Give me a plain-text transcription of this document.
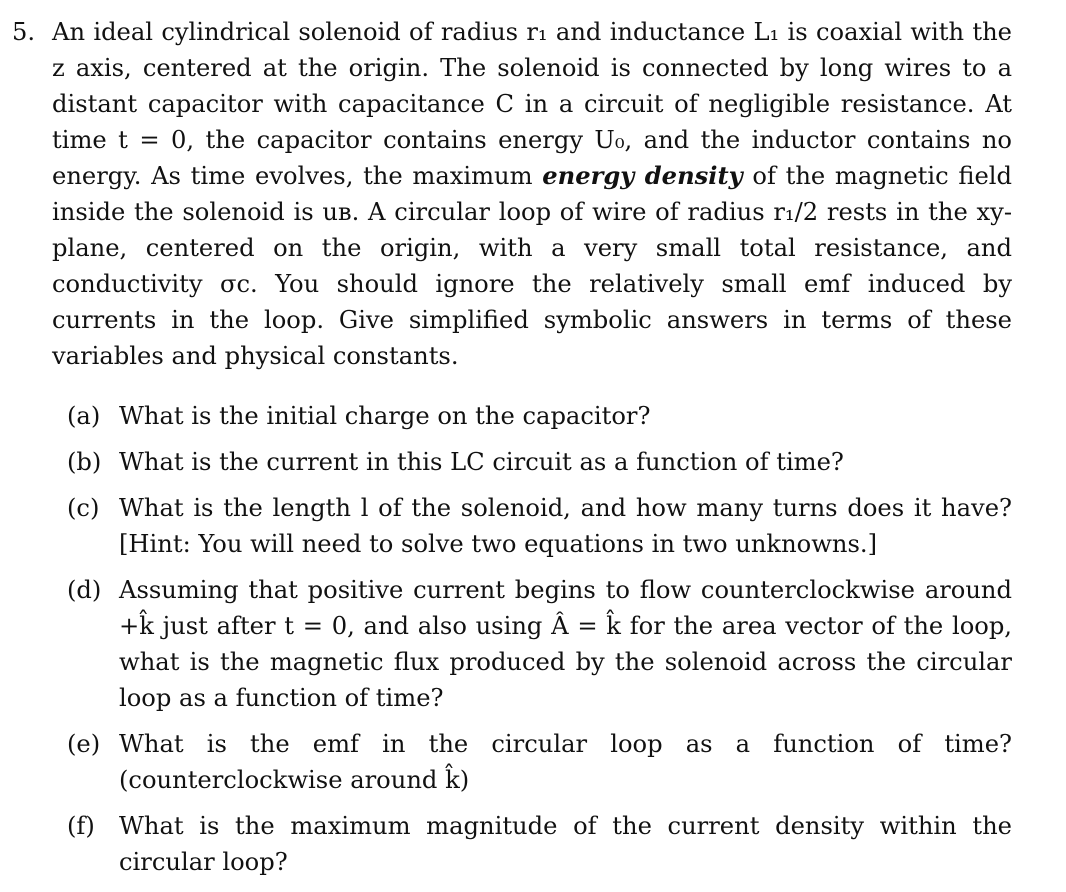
5. An ideal cylindrical solenoid of radius r₁ and inductance L₁ is coaxial with the z axis, centered at the origin. The solenoid is connected by long wires to a distant capacitor with capacitance C in a circuit of negligible resistance. At time t = 0, the capacitor contains energy U₀, and the inductor contains no energy. As time evolves, the maximum energy density of the magnetic field inside the solenoid is uʙ. A circular loop of wire of radius r₁/2 rests in the xy-plane, centered on the origin, with a very small total resistance, and conductivity σc. You should ignore the relatively small emf induced by currents in the loop. Give simplified symbolic answers in terms of these variables and physical constants.
(a) What is the initial charge on the capacitor?
(b) What is the current in this LC circuit as a function of time?
(c) What is the length l of the solenoid, and how many turns does it have? [Hint: You will need to solve two equations in two unknowns.]
(d) Assuming that positive current begins to flow counterclockwise around +k̂ just after t = 0, and also using Â = k̂ for the area vector of the loop, what is the magnetic flux produced by the solenoid across the circular loop as a function of time?
(e) What is the emf in the circular loop as a function of time? (counterclockwise around k̂)
(f) What is the maximum magnitude of the current density within the circular loop?
